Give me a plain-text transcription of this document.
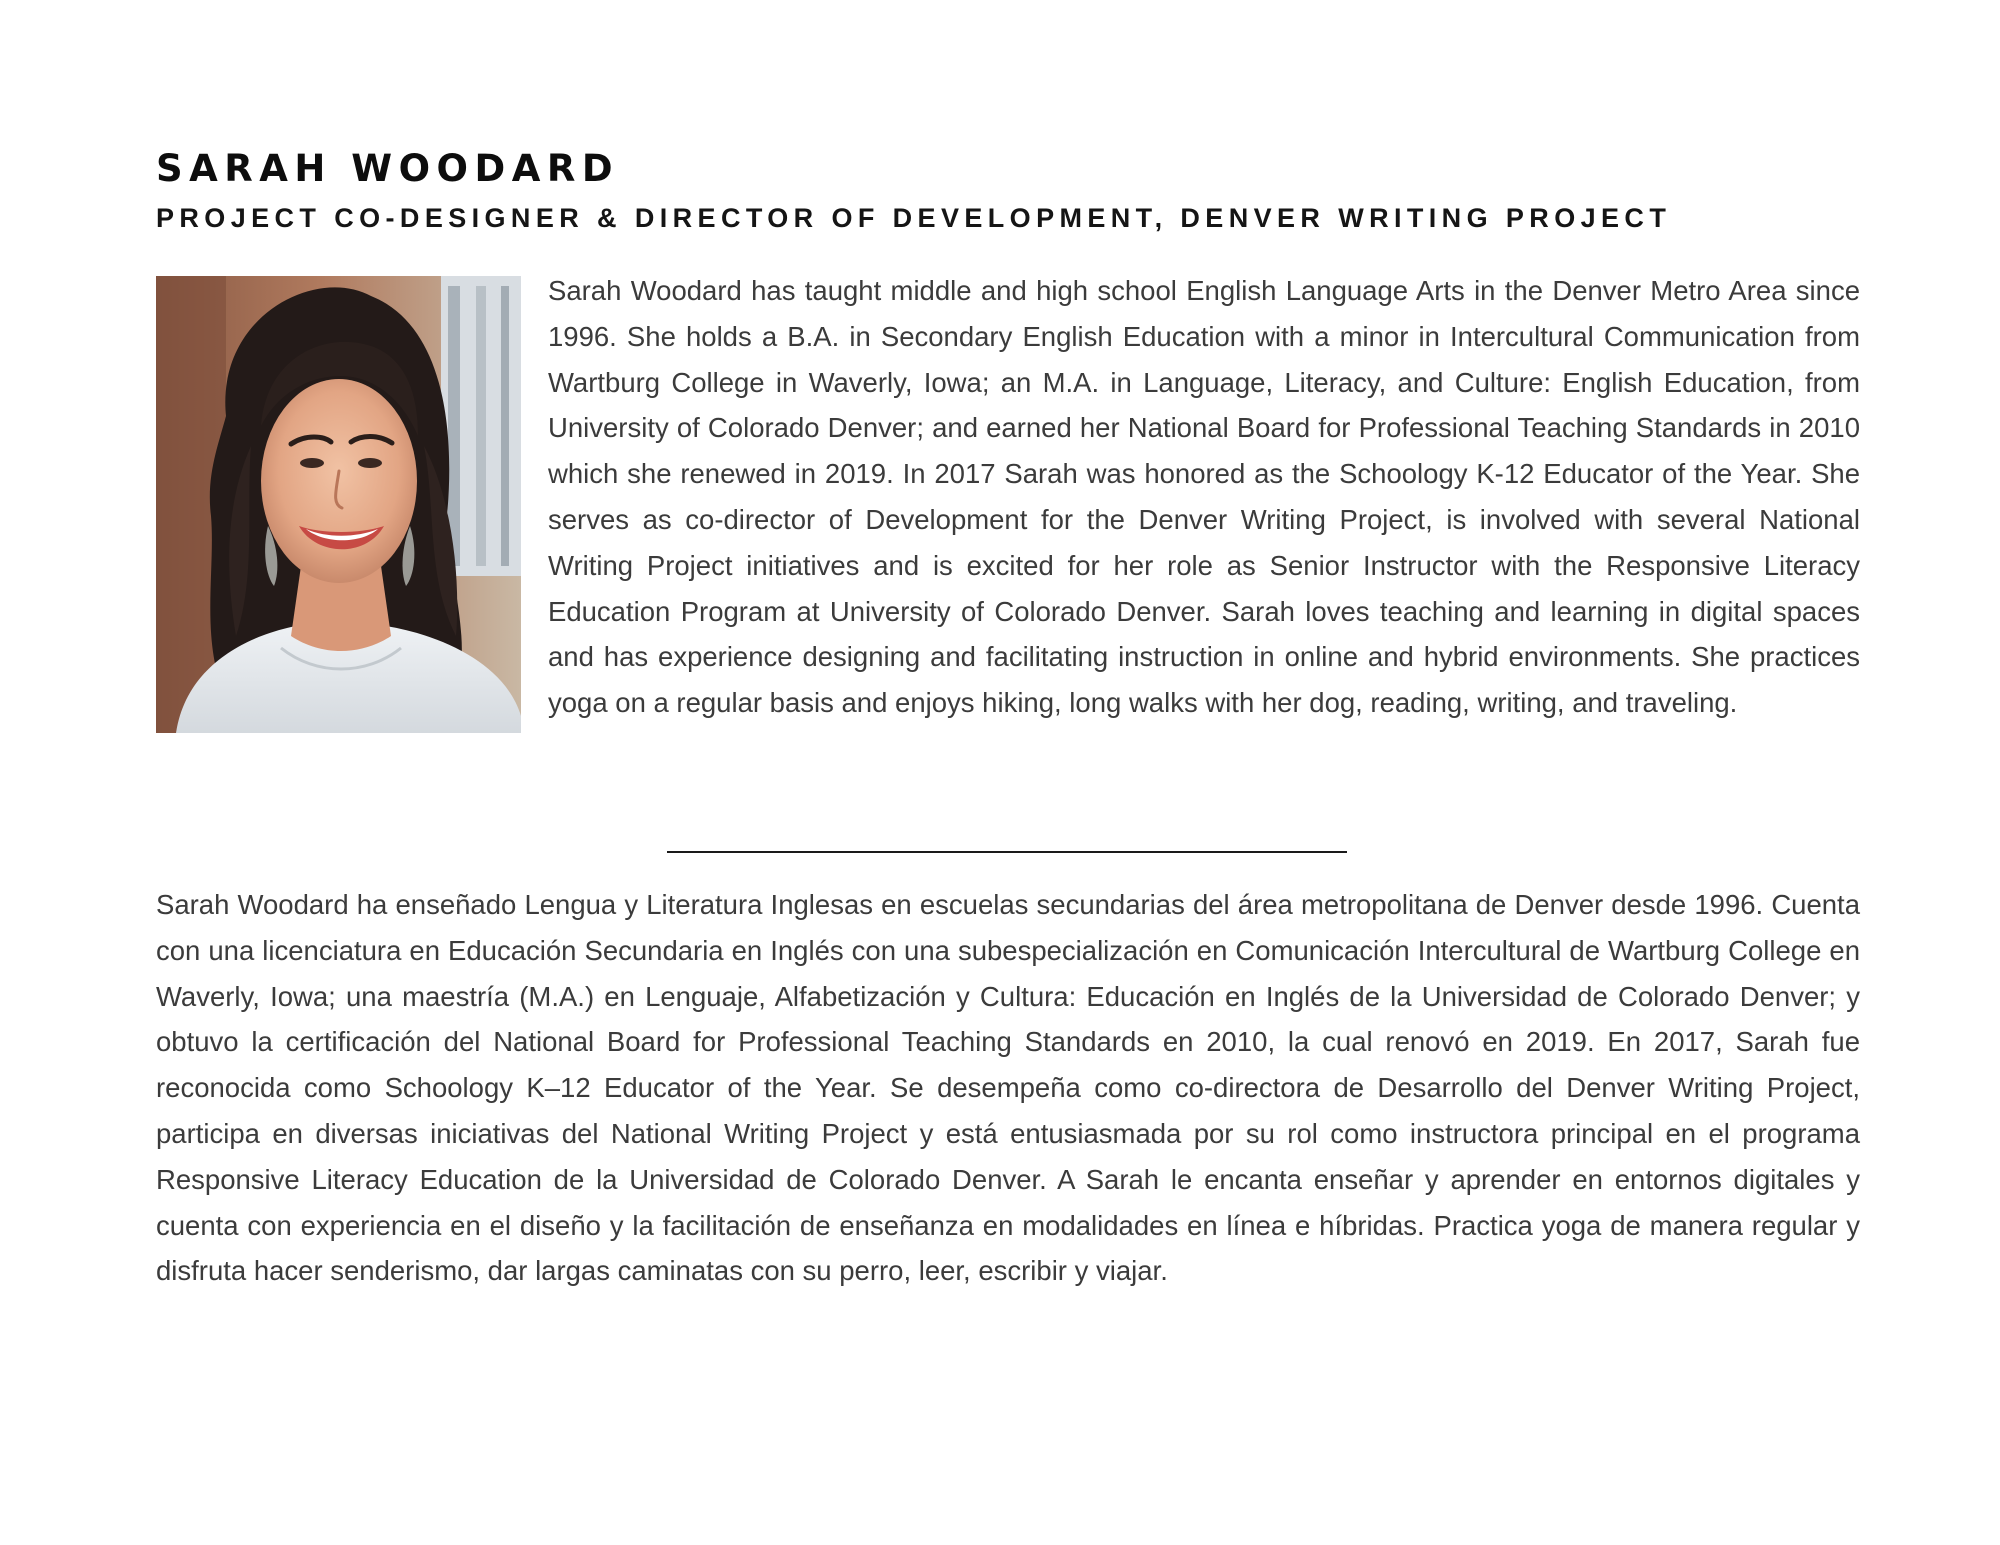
SARAH WOODARD
PROJECT CO-DESIGNER & DIRECTOR OF DEVELOPMENT, DENVER WRITING PROJECT

Sarah Woodard has taught middle and high school English Language Arts in the Denver Metro Area since 1996. She holds a B.A. in Secondary English Education with a minor in Intercultural Communication from Wartburg College in Waverly, Iowa; an M.A. in Language, Literacy, and Culture: English Education, from University of Colorado Denver; and earned her National Board for Professional Teaching Standards in 2010 which she renewed in 2019. In 2017 Sarah was honored as the Schoology K-12 Educator of the Year. She serves as co-director of Development for the Denver Writing Project, is involved with several National Writing Project initiatives and is excited for her role as Senior Instructor with the Responsive Literacy Education Program at University of Colorado Denver. Sarah loves teaching and learning in digital spaces and has experience designing and facilitating instruction in online and hybrid environments. She practices yoga on a regular basis and enjoys hiking, long walks with her dog, reading, writing, and traveling.

Sarah Woodard ha enseñado Lengua y Literatura Inglesas en escuelas secundarias del área metropolitana de Denver desde 1996. Cuenta con una licenciatura en Educación Secundaria en Inglés con una subespecialización en Comunicación Intercultural de Wartburg College en Waverly, Iowa; una maestría (M.A.) en Lenguaje, Alfabetización y Cultura: Educación en Inglés de la Universidad de Colorado Denver; y obtuvo la certificación del National Board for Professional Teaching Standards en 2010, la cual renovó en 2019. En 2017, Sarah fue reconocida como Schoology K–12 Educator of the Year. Se desempeña como co-directora de Desarrollo del Denver Writing Project, participa en diversas iniciativas del National Writing Project y está entusiasmada por su rol como instructora principal en el programa Responsive Literacy Education de la Universidad de Colorado Denver. A Sarah le encanta enseñar y aprender en entornos digitales y cuenta con experiencia en el diseño y la facilitación de enseñanza en modalidades en línea e híbridas. Practica yoga de manera regular y disfruta hacer senderismo, dar largas caminatas con su perro, leer, escribir y viajar.
